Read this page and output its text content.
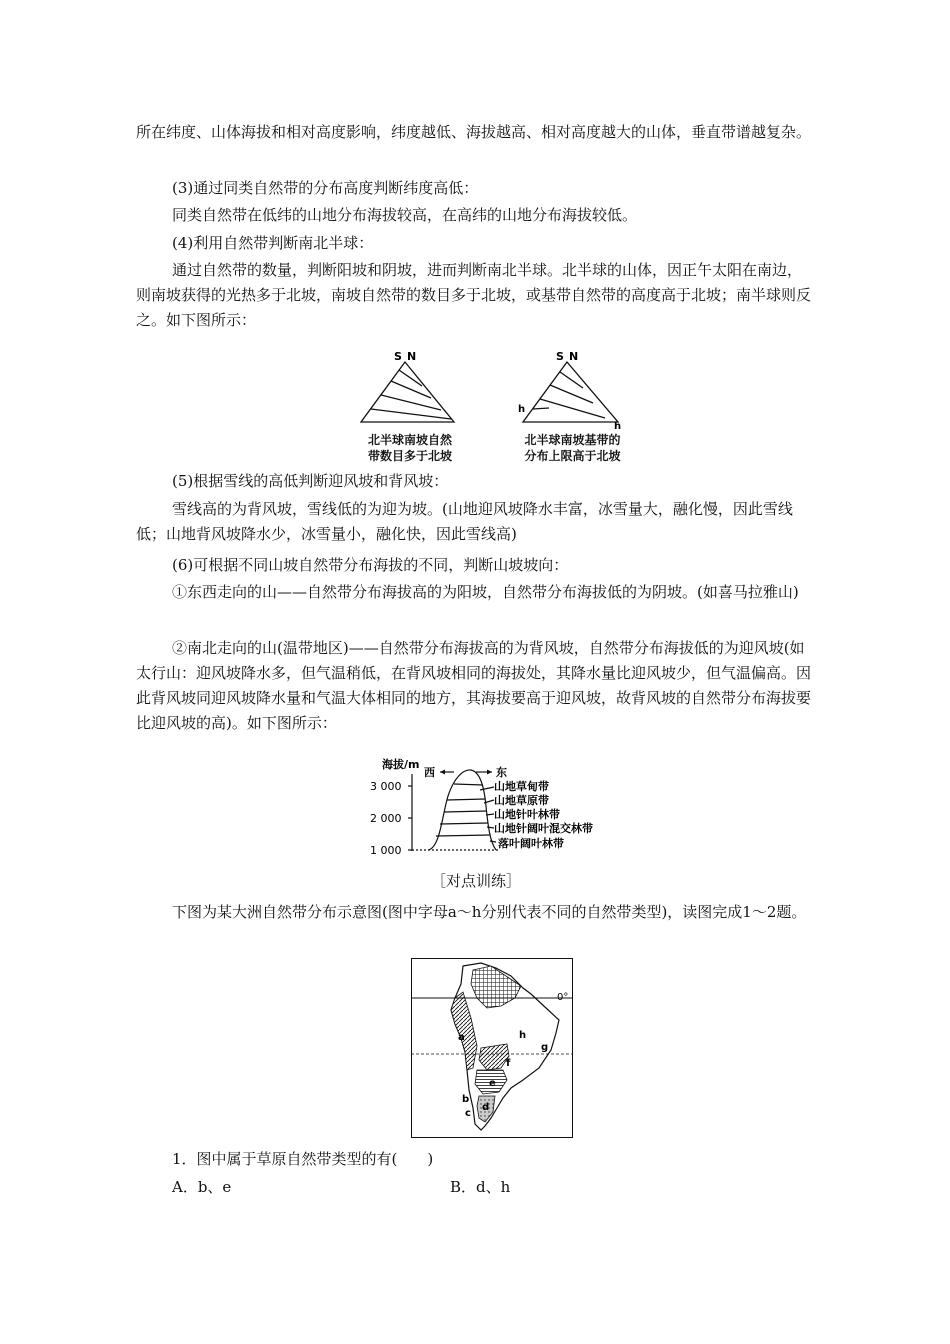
所在纬度、山体海拔和相对高度影响，纬度越低、海拔越高、相对高度越大的山体，垂直带谱越复杂。

(3)通过同类自然带的分布高度判断纬度高低：

同类自然带在低纬的山地分布海拔较高，在高纬的山地分布海拔较低。

(4)利用自然带判断南北半球：

通过自然带的数量，判断阳坡和阴坡，进而判断南北半球。北半球的山体，因正午太阳在南边，则南坡获得的光热多于北坡，南坡自然带的数目多于北坡，或基带自然带的高度高于北坡；南半球则反之。如下图所示：

S N	S N
h
h
北半球南坡自然
带数目多于北坡
北半球南坡基带的
分布上限高于北坡

(5)根据雪线的高低判断迎风坡和背风坡：

雪线高的为背风坡，雪线低的为迎为坡。(山地迎风坡降水丰富，冰雪量大，融化慢，因此雪线低；山地背风坡降水少，冰雪量小，融化快，因此雪线高)

(6)可根据不同山坡自然带分布海拔的不同，判断山坡坡向：

①东西走向的山——自然带分布海拔高的为阳坡，自然带分布海拔低的为阴坡。(如喜马拉雅山)

②南北走向的山(温带地区)——自然带分布海拔高的为背风坡，自然带分布海拔低的为迎风坡(如太行山：迎风坡降水多，但气温稍低，在背风坡相同的海拔处，其降水量比迎风坡少，但气温偏高。因此背风坡同迎风坡降水量和气温大体相同的地方，其海拔要高于迎风坡，故背风坡的自然带分布海拔要比迎风坡的高)。如下图所示：

海拔/m
西	东
3 000
2 000
1 000
山地草甸带
山地草原带
山地针叶林带
山地针阔叶混交林带
落叶阔叶林带
［对点训练］

下图为某大洲自然带分布示意图(图中字母a～h分别代表不同的自然带类型)，读图完成1～2题。

0°
a
b
c
d
e
f
g
h

1．图中属于草原自然带类型的有(　　)

A．b、e	B．d、h
